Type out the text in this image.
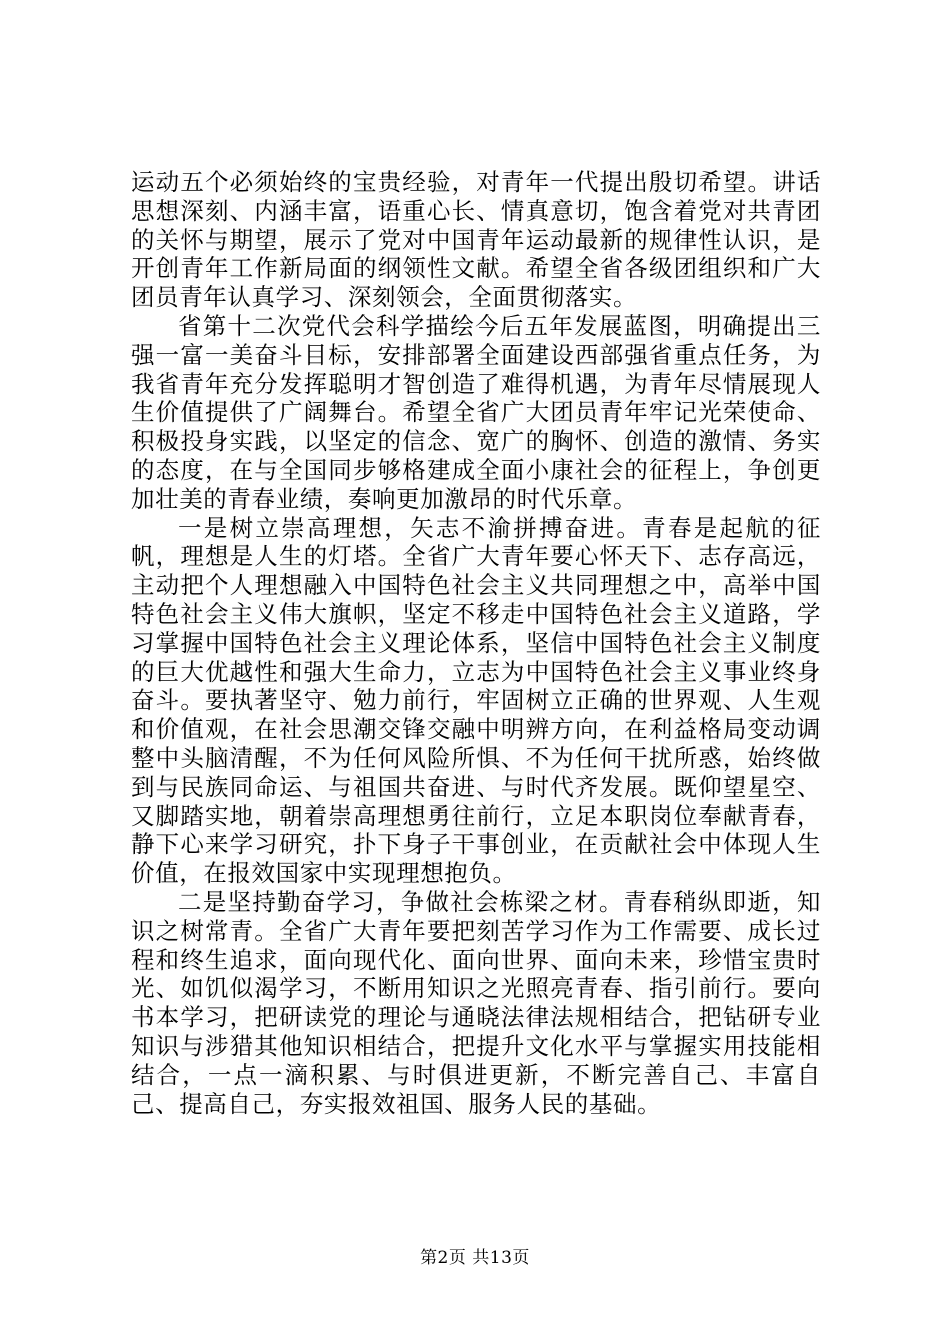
运动五个必须始终的宝贵经验，对青年一代提出殷切希望。讲话思想深刻、内涵丰富，语重心长、情真意切，饱含着党对共青团的关怀与期望，展示了党对中国青年运动最新的规律性认识，是开创青年工作新局面的纲领性文献。希望全省各级团组织和广大团员青年认真学习、深刻领会，全面贯彻落实。

省第十二次党代会科学描绘今后五年发展蓝图，明确提出三强一富一美奋斗目标，安排部署全面建设西部强省重点任务，为我省青年充分发挥聪明才智创造了难得机遇，为青年尽情展现人生价值提供了广阔舞台。希望全省广大团员青年牢记光荣使命、积极投身实践，以坚定的信念、宽广的胸怀、创造的激情、务实的态度，在与全国同步够格建成全面小康社会的征程上，争创更加壮美的青春业绩，奏响更加激昂的时代乐章。

一是树立崇高理想，矢志不渝拼搏奋进。青春是起航的征帆，理想是人生的灯塔。全省广大青年要心怀天下、志存高远，主动把个人理想融入中国特色社会主义共同理想之中，高举中国特色社会主义伟大旗帜，坚定不移走中国特色社会主义道路，学习掌握中国特色社会主义理论体系，坚信中国特色社会主义制度的巨大优越性和强大生命力，立志为中国特色社会主义事业终身奋斗。要执著坚守、勉力前行，牢固树立正确的世界观、人生观和价值观，在社会思潮交锋交融中明辨方向，在利益格局变动调整中头脑清醒，不为任何风险所惧、不为任何干扰所惑，始终做到与民族同命运、与祖国共奋进、与时代齐发展。既仰望星空、又脚踏实地，朝着崇高理想勇往前行，立足本职岗位奉献青春，静下心来学习研究，扑下身子干事创业，在贡献社会中体现人生价值，在报效国家中实现理想抱负。

二是坚持勤奋学习，争做社会栋梁之材。青春稍纵即逝，知识之树常青。全省广大青年要把刻苦学习作为工作需要、成长过程和终生追求，面向现代化、面向世界、面向未来，珍惜宝贵时光、如饥似渴学习，不断用知识之光照亮青春、指引前行。要向书本学习，把研读党的理论与通晓法律法规相结合，把钻研专业知识与涉猎其他知识相结合，把提升文化水平与掌握实用技能相结合，一点一滴积累、与时俱进更新，不断完善自己、丰富自己、提高自己，夯实报效祖国、服务人民的基础。

第2页 共13页
